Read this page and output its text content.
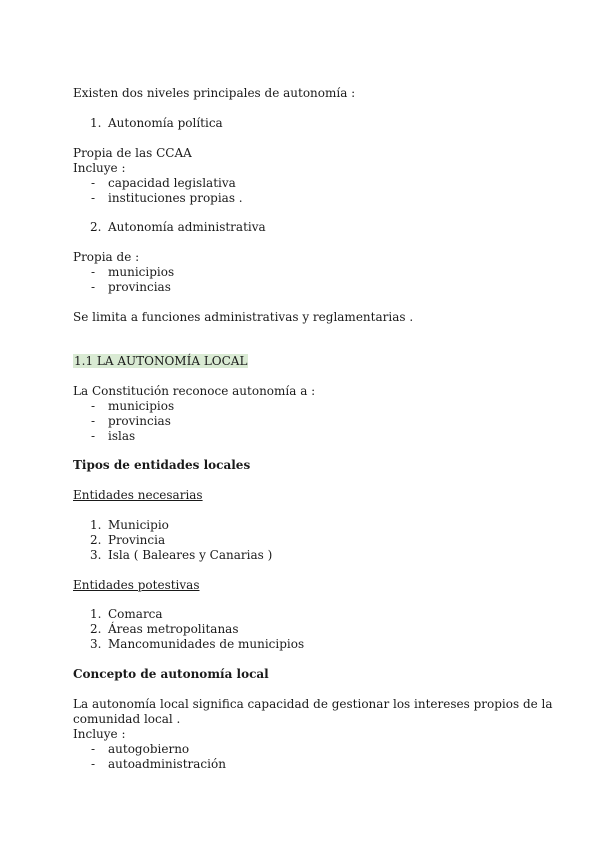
Existen dos niveles principales de autonomía :
1. Autonomía política
Propia de las CCAA
Incluye :
- capacidad legislativa
- instituciones propias .
2. Autonomía administrativa
Propia de :
- municipios
- provincias
Se limita a funciones administrativas y reglamentarias .
1.1 LA AUTONOMÍA LOCAL
La Constitución reconoce autonomía a :
- municipios
- provincias
- islas
Tipos de entidades locales
Entidades necesarias
1. Municipio
2. Provincia
3. Isla ( Baleares y Canarias )
Entidades potestivas
1. Comarca
2. Áreas metropolitanas
3. Mancomunidades de municipios
Concepto de autonomía local
La autonomía local significa capacidad de gestionar los intereses propios de la
comunidad local .
Incluye :
- autogobierno
- autoadministración
